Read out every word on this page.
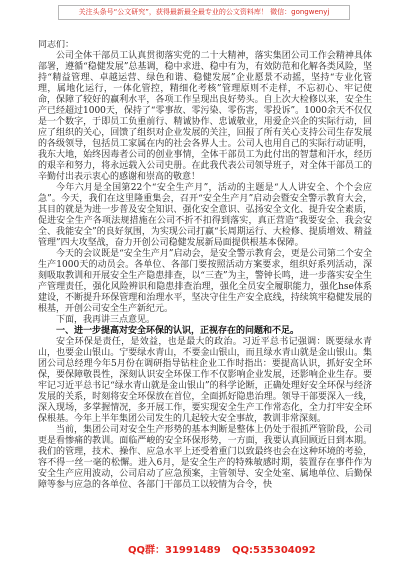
关注头条号“公文研究”，获得最新最全最专业的公文资料库！ 微信：gongwenyj

同志们：

公司全体干部员工认真贯彻落实党的二十大精神，落实集团公司工作会精神具体部署，遵循“稳健发展”总基调，稳中求进、稳中有为，有效防范和化解各类风险，坚持“精益管理、卓越运营、绿色和谐、稳健发展”企业愿景不动摇，坚持“专业化管理，属地化运行，一体化管控，精细化考核”管理原则不走样，不忘初心、牢记使命，保障了较好的赢利水平，各项工作呈现出良好势头。自上次大检修以来，安全生产已经超过1000天，保持了“零事故、零污染、零伤害，零投诉”。1000余天不仅仅是一个数字，于即员工负重前行、精诚协作、忠诚敬业，用爱企兴企的实际行动，回应了组织的关心，回馈了组织对企业发展的关注，回报了所有关心支持公司生存发展的各级领导，包括员工家属在内的社会各界人士。公司人也用自己的实际行动证明，我东大地，始终因毒者公司的创业事情，全体干部员工为此付出的智慧和汗水，经历的艰辛和努力，将永远载入公司史册。在此我代表公司领导班子，对全体干部员工的辛勤付出表示衷心的感谢和崇高的敬意！

今年六月是全国第22个“安全生产月”，活动的主题是“人人讲安全、个个会应急”。今天，我们在这里隆重集会，召开“安全生产月”启动会暨安全警示教育大会，其目的就是为进一步普及安全知识、强化安全意识、弘扬安全文化、提升安全素质，促进安全生产各项法规措施在公司不折不扣得到落实，真正营造“我要安全、我会安全、我能安全”的良好氛围，为实现公司打赢“长周期运行、大检修、提质增效、精益管理”四大攻坚战，奋力开创公司稳健发展新局面提供根基本保障。

今天的会议既是“安全生产月”启动会，是安全警示教育会，更是公司第二个安全生产1000天的动员会。各单位、各部门要按照活动方案要求，组织好系列活动，深刻吸取教训和开展安全生产隐患排查，以“三查”为主，警钟长鸣，进一步落实安全生产管理责任，强化风险辨识和隐患排查治理，强化全员安全履职能力，强化hse体系建设，不断提升环保管理和治理水平，坚决守住生产安全底线，持续筑牢稳健发展的根基，开创公司安全生产新纪元。

下面，我再讲三点意见。

一、进一步提高对安全环保的认识，正视存在的问题和不足。

安全环保是责任，是效益，也是最大的政治。习近平总书记强调：既要绿水青山，也要金山银山。宁要绿水青山，不要金山银山，而且绿水青山就是金山银山。集团公司总经理今年5月份在调研指导钻柱企业工作时指出：要提高认识，抓好安全环保，要保障敬畏性，深刻认识安全环保工作不仅影响企业发展，还影响企业生存。要牢记习近平总书记“绿水青山就是金山银山”的科学论断，正确处理好安全环保与经济发展的关系，时刻将安全环保放在首位，全面抓好隐患治理。领导干部要深入一线，深入现场，多掌握情况，多开展工作，要实现安全生产工作常态化，全力打牢安全环保根基。今年上半年集团公司发生的几起较大安全事故，教训非常深刻。

当前，集团公司对安全生产形势的基本判断是整体上仍处于很抓严管阶段，公司更是看惨痛的教训。面临严峻的安全环保形势，一方面，我要认真回顾近日到本期。我们的管理，技术、操作、应急水平上还受着重门以致最终也会在这种环境的考验，容不得一丝一毫的松懈。进入6月，是安全生产的特殊敏感时期，装置存在事件作为安全生产应用波动，公司启动了应急预案，主管领导、安全处室、属地单位、后勤保障等参与应急的各单位、各部门干部员工以较情为合令，快

QQ群：31991489 QQ:535304092
